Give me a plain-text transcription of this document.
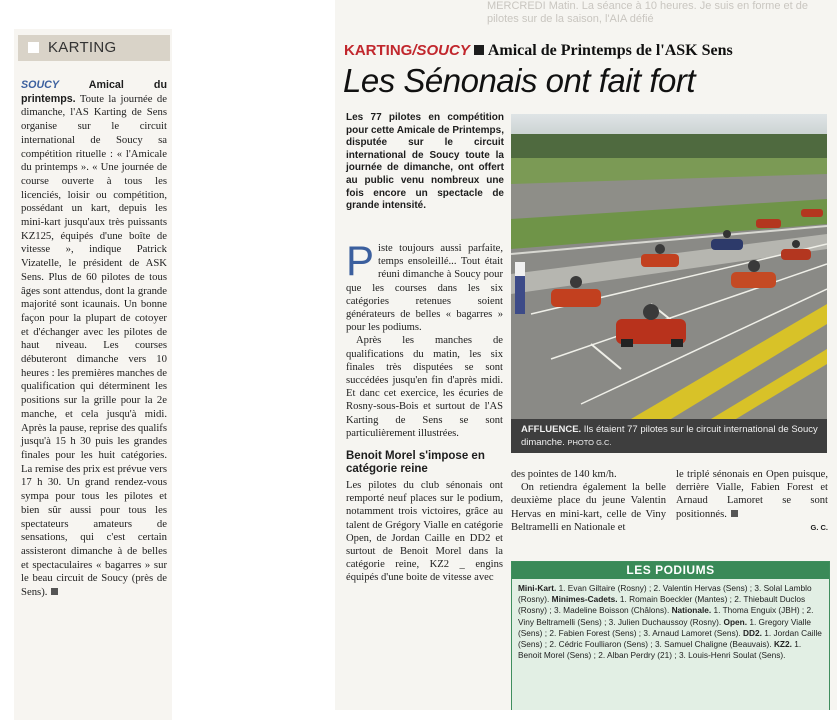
KARTING
SOUCY Amical du printemps. Toute la journée de dimanche, l'AS Karting de Sens organise sur le circuit international de Soucy sa compétition rituelle : « l'Amicale du printemps ». « Une journée de course ouverte à tous les licenciés, loisir ou compétition, possédant un kart, depuis les mini-kart jusqu'aux très puissants KZ125, équipés d'une boîte de vitesse », indique Patrick Vizatelle, le président de ASK Sens. Plus de 60 pilotes de tous âges sont attendus, dont la grande majorité sont icaunais. Un bonne façon pour la plupart de cotoyer et d'échanger avec les pilotes de haut niveau. Les courses débuteront dimanche vers 10 heures : les premières manches de qualification qui déterminent les positions sur la grille pour la 2e manche, et cela jusqu'à midi. Après la pause, reprise des qualifs jusqu'à 15 h 30 puis les grandes finales pour les huit catégories. La remise des prix est prévue vers 17 h 30. Un grand rendez-vous sympa pour tous les pilotes et bien sûr aussi pour tous les spectateurs amateurs de sensations, qui c'est certain assisteront dimanche à de belles et spectaculaires « bagarres » sur le beau circuit de Soucy (près de Sens).
MERCREDI Matin. La séance à 10 heures. Je suis en forme et de pilotes sur de la saison, l'AIA défié
KARTING/SOUCY Amical de Printemps de l'ASK Sens
Les Sénonais ont fait fort
Les 77 pilotes en compétition pour cette Amicale de Printemps, disputée sur le circuit international de Soucy toute la journée de dimanche, ont offert au public venu nombreux une fois encore un spectacle de grande intensité.
AFFLUENCE. Ils étaient 77 pilotes sur le circuit international de Soucy dimanche. PHOTO G.C.
P iste toujours aussi parfaite, temps ensoleillé... Tout était réuni dimanche à Soucy pour que les courses dans les six catégories retenues soient générateurs de belles « bagarres » pour les podiums.
Après les manches de qualifications du matin, les six finales très disputées se sont succédées jusqu'en fin d'après midi. Et danc cet exercice, les écuries de Rosny-sous-Bois et surtout de l'AS Karting de Sens se sont particulièrement illustrées.
Benoit Morel s'impose en catégorie reine
Les pilotes du club sénonais ont remporté neuf places sur le podium, notamment trois victoires, grâce au talent de Grégory Vialle en catégorie Open, de Jordan Caille en DD2 et surtout de Benoit Morel dans la catégorie reine, KZ2 _ engins équipés d'une boite de vitesse avec
des pointes de 140 km/h.
On retiendra également la belle deuxième place du jeune Valentin Hervas en mini-kart, celle de Viny Beltramelli en Nationale et
le triplé sénonais en Open puisque, derrière Vialle, Fabien Forest et Arnaud Lamoret se sont positionnés.
G. C.
LES PODIUMS
Mini-Kart. 1. Evan Giltaire (Rosny) ; 2. Valentin Hervas (Sens) ; 3. Solal Lamblo (Rosny). Minimes-Cadets. 1. Romain Boeckler (Mantes) ; 2. Thiebault Duclos (Rosny) ; 3. Madeline Boisson (Châlons). Nationale. 1. Thoma Enguix (JBH) ; 2. Viny Beltramelli (Sens) ; 3. Julien Duchaussoy (Rosny). Open. 1. Gregory Vialle (Sens) ; 2. Fabien Forest (Sens) ; 3. Arnaud Lamoret (Sens). DD2. 1. Jordan Caille (Sens) ; 2. Cédric Foulliaron (Sens) ; 3. Samuel Chaligne (Beauvais). KZ2. 1. Benoit Morel (Sens) ; 2. Alban Perdry (21) ; 3. Louis-Henri Soulat (Sens).
